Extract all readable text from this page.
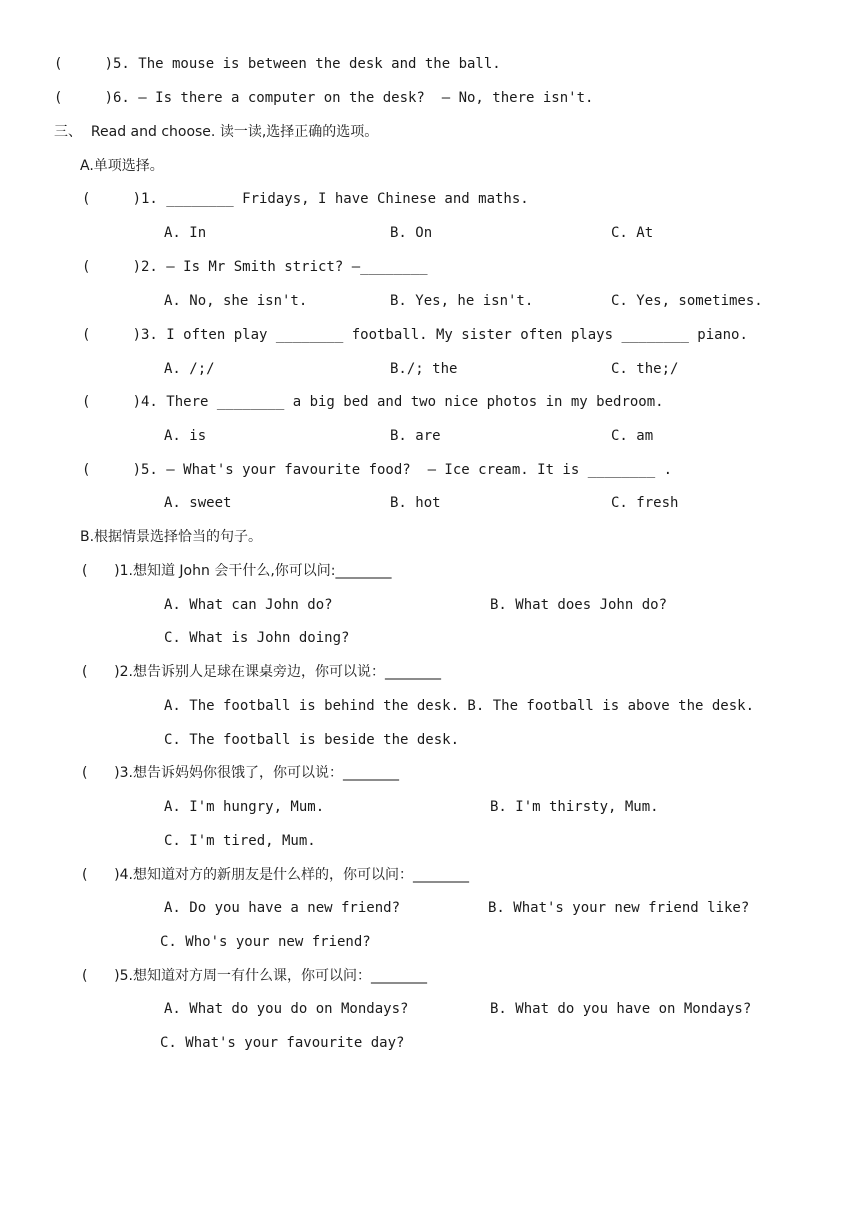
(     )5. The mouse is between the desk and the ball.
(     )6. — Is there a computer on the desk?  — No, there isn't.
三、  Read and choose. 读一读,选择正确的选项。
A.单项选择。
(     )1. ________ Fridays, I have Chinese and maths.
A. In	B. On	C. At
(     )2. — Is Mr Smith strict? —________
A. No, she isn't.	B. Yes, he isn't.	C. Yes, sometimes.
(     )3. I often play ________ football. My sister often plays ________ piano.
A. /;/	B./; the	C. the;/
(     )4. There ________ a big bed and two nice photos in my bedroom.
A. is	B. are	C. am
(     )5. — What's your favourite food?  — Ice cream. It is ________ .
A. sweet	B. hot	C. fresh
B.根据情景选择恰当的句子。
(      )1.想知道 John 会干什么,你可以问:________
A. What can John do?	B. What does John do?
C. What is John doing?
(      )2.想告诉别人足球在课桌旁边，你可以说：________
A. The football is behind the desk. B. The football is above the desk.
C. The football is beside the desk.
(      )3.想告诉妈妈你很饿了，你可以说：________
A. I'm hungry, Mum.	B. I'm thirsty, Mum.
C. I'm tired, Mum.
(      )4.想知道对方的新朋友是什么样的，你可以问：________
A. Do you have a new friend?	B. What's your new friend like?
C. Who's your new friend?
(      )5.想知道对方周一有什么课，你可以问：________
A. What do you do on Mondays?	B. What do you have on Mondays?
C. What's your favourite day?
